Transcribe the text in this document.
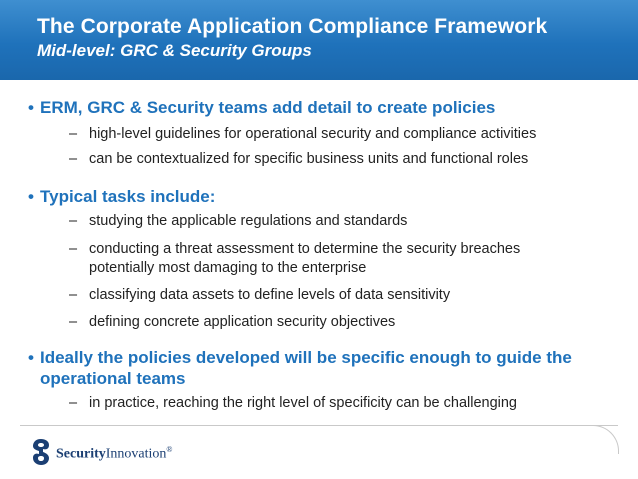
The Corporate Application Compliance Framework
Mid-level: GRC & Security Groups
• ERM, GRC & Security teams add detail to create policies
– high-level guidelines for operational security and compliance activities
– can be contextualized for specific business units and functional roles
• Typical tasks include:
– studying the applicable regulations and standards
– conducting a threat assessment to determine the security breaches
potentially most damaging to the enterprise
– classifying data assets to define levels of data sensitivity
– defining concrete application security objectives
• Ideally the policies developed will be specific enough to guide the
operational teams
– in practice, reaching the right level of specificity can be challenging
SecurityInnovation®
